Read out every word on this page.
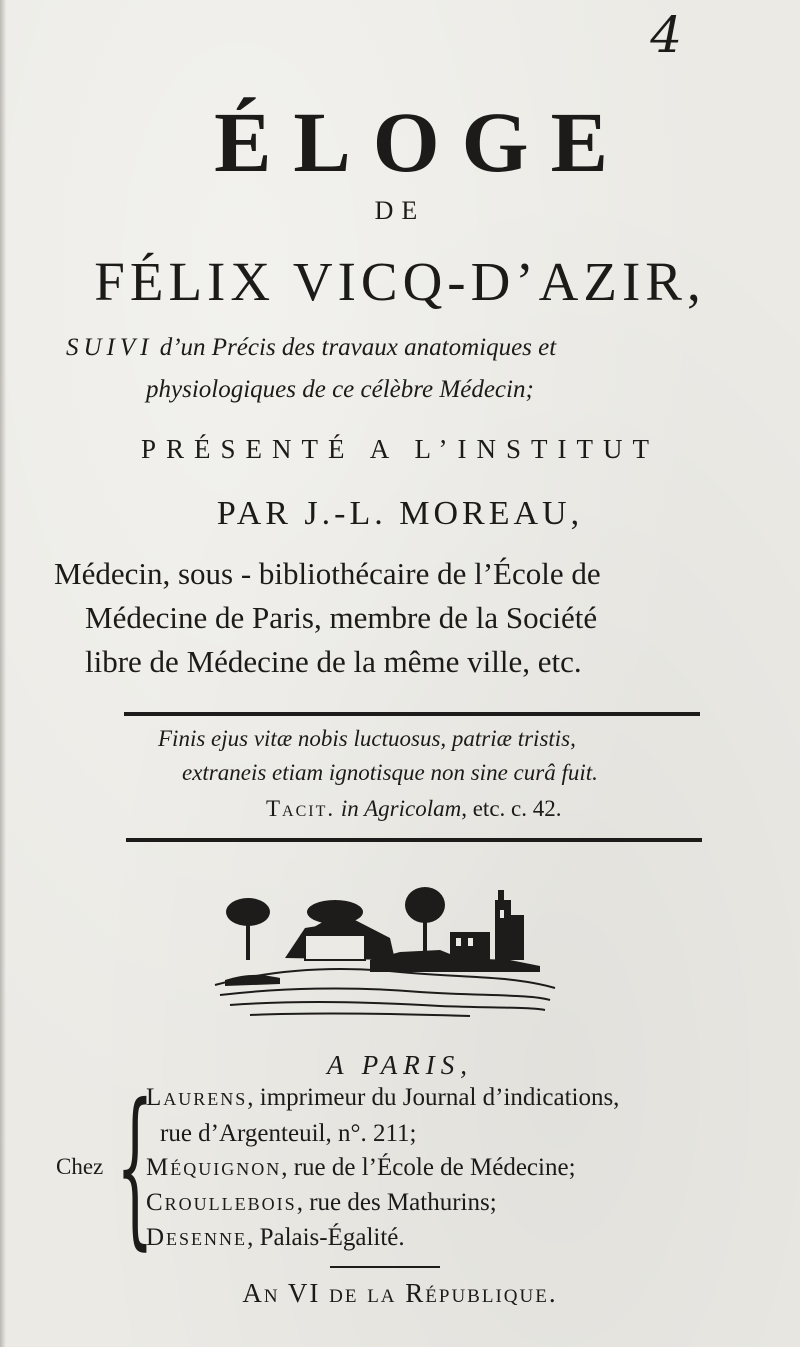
4
ÉLOGE
DE
FÉLIX VICQ-D’AZIR,
SUIVI d’un Précis des travaux anatomiques et
physiologiques de ce célèbre Médecin;
PRÉSENTÉ A L’INSTITUT
PAR J.-L. MOREAU,
Médecin, sous - bibliothécaire de l’École de
Médecine de Paris, membre de la Société
libre de Médecine de la même ville, etc.
Finis ejus vitæ nobis luctuosus, patriæ tristis,
extraneis etiam ignotisque non sine curâ fuit.
Tacit. in Agricolam, etc. c. 42.
A PARIS,
{
Chez
Laurens, imprimeur du Journal d’indications,
rue d’Argenteuil, n°. 211;
Méquignon, rue de l’École de Médecine;
Croullebois, rue des Mathurins;
Desenne, Palais-Égalité.
An VI de la République.
